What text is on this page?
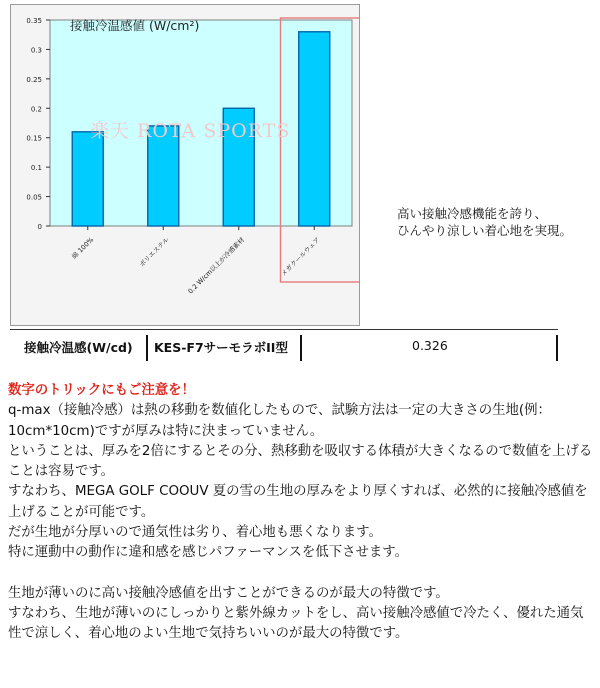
0
0.05
0.1
0.15
0.2
0.25
0.3
0.35
綿 100%	ポリエステル 0.2 W/cm以上が冷感素材	メガクールウェア
接触冷温感値 (W/cm²)
楽天 ROTA SPORTS

高い接触冷感機能を誇り、
ひんやり涼しい着心地を実現。

接触冷温感(W/cd) KES-F7サーモラボII型	0.326

数字のトリックにもご注意を！

q-max（接触冷感）は熱の移動を数値化したもので、試験方法は一定の大きさの生地(例：10cm*10cm)ですが厚みは特に決まっていません。

ということは、厚みを2倍にするとその分、熱移動を吸収する体積が大きくなるので数値を上げることは容易です。

すなわち、MEGA GOLF COOUV 夏の雪の生地の厚みをより厚くすれば、必然的に接触冷感値を上げることが可能です。

だが生地が分厚いので通気性は劣り、着心地も悪くなります。

特に運動中の動作に違和感を感じパファーマンスを低下させます。

生地が薄いのに高い接触冷感値を出すことができるのが最大の特徴です。

すなわち、生地が薄いのにしっかりと紫外線カットをし、高い接触冷感値で冷たく、優れた通気性で涼しく、着心地のよい生地で気持ちいいのが最大の特徴です。
